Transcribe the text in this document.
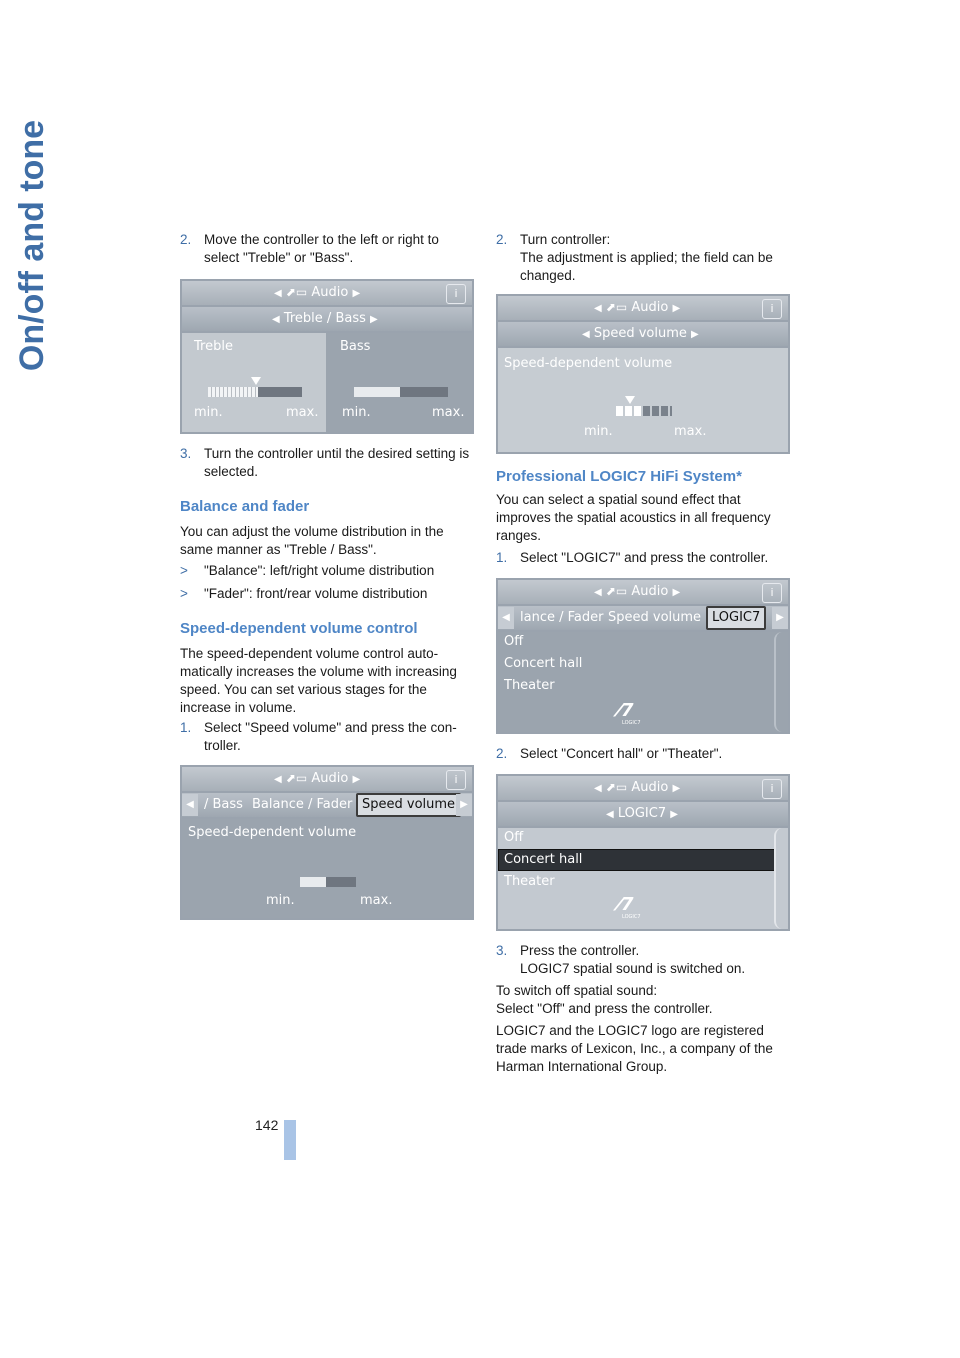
On/off and tone	2. Move the controller to the left or right to select "Treble" or "Bass".
◀ ⬈▭ Audio ▶	i
◀ Treble / Bass ▶
Treble	Bass
min.	max. min.	max.
3. Turn the controller until the desired setting is selected.
Balance and fader

You can adjust the volume distribution in the same manner as "Treble / Bass".

> "Balance": left/right volume distribution
> "Fader": front/rear volume distribution
Speed-dependent volume control

The speed-dependent volume control auto-matically increases the volume with increasing speed. You can set various stages for the increase in volume.

1. Select "Speed volume" and press the con-troller.
◀ ⬈▭ Audio ▶	i
◀ / Bass Balance / Fader Speed volume ▶
Speed-dependent volume
min.	max.
2. Turn controller:
The adjustment is applied; the field can be changed.
◀ ⬈▭ Audio ▶	i
◀ Speed volume ▶
Speed-dependent volume
min.	max.
Professional LOGIC7 HiFi System*

You can select a spatial sound effect that improves the spatial acoustics in all frequency ranges.

1. Select "LOGIC7" and press the controller.
◀ ⬈▭ Audio ▶	i
◀ lance / Fader Speed volume LOGIC7	▶
Off
Concert hall
Theater
⁄7
LOGIC7
2. Select "Concert hall" or "Theater".
◀ ⬈▭ Audio ▶	i
◀ LOGIC7 ▶
Off
Concert hall
Theater
⁄7
LOGIC7
3. Press the controller.
LOGIC7 spatial sound is switched on.

To switch off spatial sound:
Select "Off" and press the controller.

LOGIC7 and the LOGIC7 logo are registered trade marks of Lexicon, Inc., a company of the Harman International Group.

142
